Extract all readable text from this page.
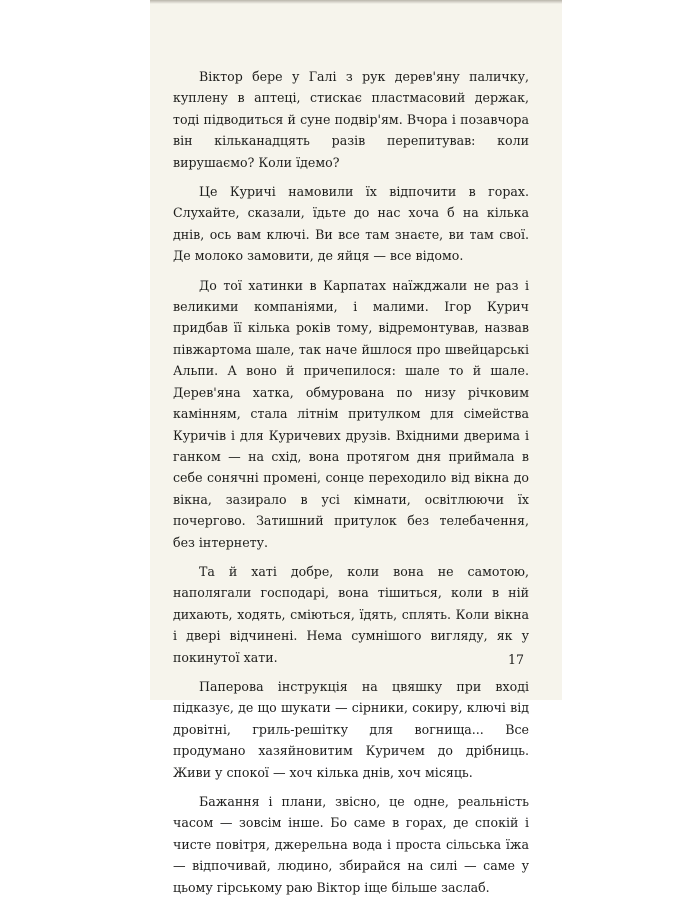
Віктор бере у Галі з рук дерев'яну паличку, куплену в аптеці, стискає пластмасовий держак, тоді підводиться й суне подвір'ям. Вчора і позавчора він кільканадцять разів перепитував: коли вирушаємо? Коли їдемо?

Це Куричі намовили їх відпочити в горах. Слухайте, сказали, їдьте до нас хоча б на кілька днів, ось вам ключі. Ви все там знаєте, ви там свої. Де молоко замовити, де яйця — все відомо.

До тої хатинки в Карпатах наїжджали не раз і великими компаніями, і малими. Ігор Курич придбав її кілька років тому, відремонтував, назвав півжартома шале, так наче йшлося про швейцарські Альпи. А воно й причепилося: шале то й шале. Дерев'яна хатка, обмурована по низу річковим камінням, стала літнім притулком для сімейства Куричів і для Куричевих друзів. Вхідними дверима і ганком — на схід, вона протягом дня приймала в себе сонячні промені, сонце переходило від вікна до вікна, зазирало в усі кімнати, освітлюючи їх почергово. Затишний притулок без телебачення, без інтернету.

Та й хаті добре, коли вона не самотою, наполягали господарі, вона тішиться, коли в ній дихають, ходять, сміються, їдять, сплять. Коли вікна і двері відчинені. Нема сумнішого вигляду, як у покинутої хати.

Паперова інструкція на цвяшку при вході підказує, де що шукати — сірники, сокиру, ключі від дровітні, гриль-решітку для вогнища... Все продумано хазяйновитим Куричем до дрібниць. Живи у спокої — хоч кілька днів, хоч місяць.

Бажання і плани, звісно, це одне, реальність часом — зовсім інше. Бо саме в горах, де спокій і чисте повітря, джерельна вода і проста сільська їжа — відпочивай, людино, збирайся на силі — саме у цьому гірському раю Віктор іще більше заслаб.

17
